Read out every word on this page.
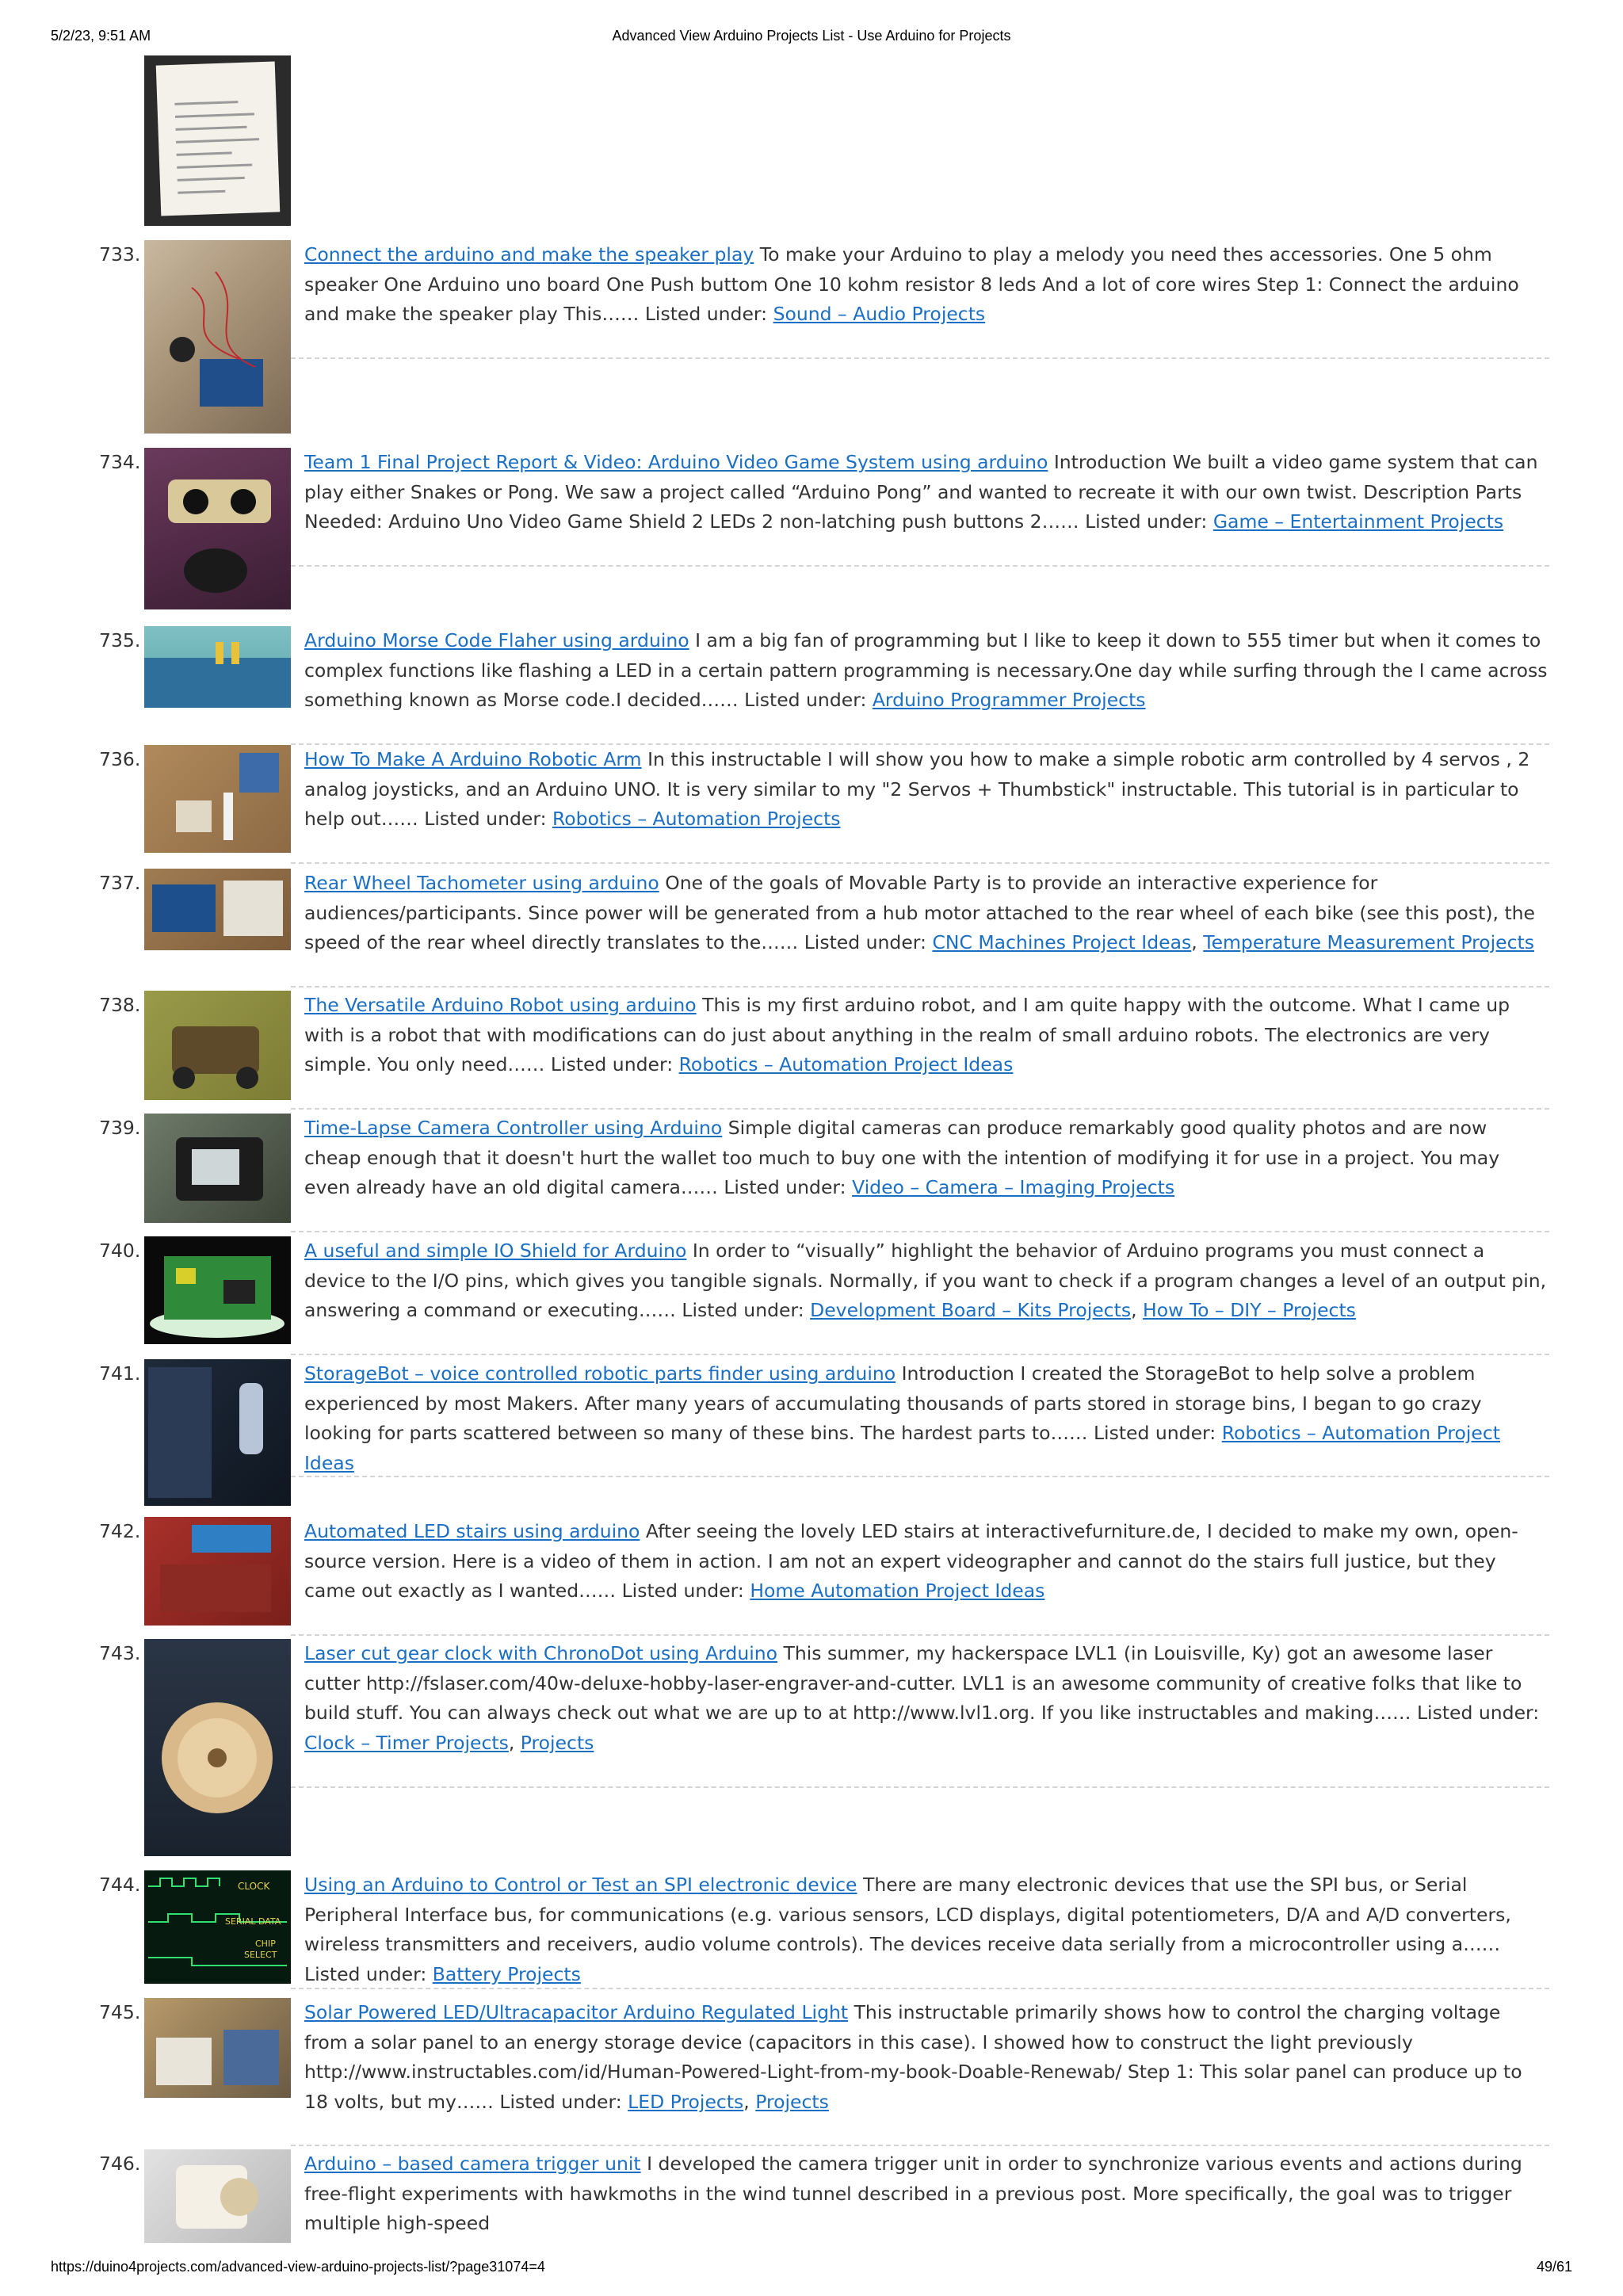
5/2/23, 9:51 AM	Advanced View Arduino Projects List - Use Arduino for Projects
733.	Connect the arduino and make the speaker play To make your Arduino to play a melody you need thes accessories. One 5 ohm speaker One Arduino uno board One Push buttom One 10 kohm resistor 8 leds And a lot of core wires Step 1: Connect the arduino and make the speaker play This…… Listed under: Sound – Audio Projects
734.	Team 1 Final Project Report & Video: Arduino Video Game System using arduino Introduction We built a video game system that can play either Snakes or Pong. We saw a project called “Arduino Pong” and wanted to recreate it with our own twist. Description Parts Needed: Arduino Uno Video Game Shield 2 LEDs 2 non-latching push buttons 2…… Listed under: Game – Entertainment Projects
735.	Arduino Morse Code Flaher using arduino I am a big fan of programming but I like to keep it down to 555 timer but when it comes to complex functions like flashing a LED in a certain pattern programming is necessary.One day while surfing through the I came across something known as Morse code.I decided…… Listed under: Arduino Programmer Projects
736.	How To Make A Arduino Robotic Arm In this instructable I will show you how to make a simple robotic arm controlled by 4 servos , 2 analog joysticks, and an Arduino UNO. It is very similar to my "2 Servos + Thumbstick" instructable. This tutorial is in particular to help out…… Listed under: Robotics – Automation Projects
737.	Rear Wheel Tachometer using arduino One of the goals of Movable Party is to provide an interactive experience for audiences/participants. Since power will be generated from a hub motor attached to the rear wheel of each bike (see this post), the speed of the rear wheel directly translates to the…… Listed under: CNC Machines Project Ideas, Temperature Measurement Projects
738.	The Versatile Arduino Robot using arduino This is my first arduino robot, and I am quite happy with the outcome. What I came up with is a robot that with modifications can do just about anything in the realm of small arduino robots. The electronics are very simple. You only need…… Listed under: Robotics – Automation Project Ideas
739.	Time-Lapse Camera Controller using Arduino Simple digital cameras can produce remarkably good quality photos and are now cheap enough that it doesn't hurt the wallet too much to buy one with the intention of modifying it for use in a project. You may even already have an old digital camera…… Listed under: Video – Camera – Imaging Projects
740.	A useful and simple IO Shield for Arduino In order to “visually” highlight the behavior of Arduino programs you must connect a device to the I/O pins, which gives you tangible signals. Normally, if you want to check if a program changes a level of an output pin, answering a command or executing…… Listed under: Development Board – Kits Projects, How To – DIY – Projects
741.	StorageBot – voice controlled robotic parts finder using arduino Introduction I created the StorageBot to help solve a problem experienced by most Makers. After many years of accumulating thousands of parts stored in storage bins, I began to go crazy looking for parts scattered between so many of these bins. The hardest parts to…… Listed under: Robotics – Automation Project Ideas
742.	Automated LED stairs using arduino After seeing the lovely LED stairs at interactivefurniture.de, I decided to make my own, open-source version. Here is a video of them in action. I am not an expert videographer and cannot do the stairs full justice, but they came out exactly as I wanted…… Listed under: Home Automation Project Ideas
743.	Laser cut gear clock with ChronoDot using Arduino This summer, my hackerspace LVL1 (in Louisville, Ky) got an awesome laser cutter http://fslaser.com/40w-deluxe-hobby-laser-engraver-and-cutter. LVL1 is an awesome community of creative folks that like to build stuff. You can always check out what we are up to at http://www.lvl1.org. If you like instructables and making…… Listed under: Clock – Timer Projects, Projects
CLOCK
SERIAL DATA
CHIP
SELECT
744.	Using an Arduino to Control or Test an SPI electronic device There are many electronic devices that use the SPI bus, or Serial Peripheral Interface bus, for communications (e.g. various sensors, LCD displays, digital potentiometers, D/A and A/D converters, wireless transmitters and receivers, audio volume controls). The devices receive data serially from a microcontroller using a…… Listed under: Battery Projects
745.	Solar Powered LED/Ultracapacitor Arduino Regulated Light This instructable primarily shows how to control the charging voltage from a solar panel to an energy storage device (capacitors in this case). I showed how to construct the light previously http://www.instructables.com/id/Human-Powered-Light-from-my-book-Doable-Renewab/ Step 1: This solar panel can produce up to 18 volts, but my…… Listed under: LED Projects, Projects
746.	Arduino – based camera trigger unit I developed the camera trigger unit in order to synchronize various events and actions during free-flight experiments with hawkmoths in the wind tunnel described in a previous post. More specifically, the goal was to trigger multiple high-speed
https://duino4projects.com/advanced-view-arduino-projects-list/?page31074=4	49/61
